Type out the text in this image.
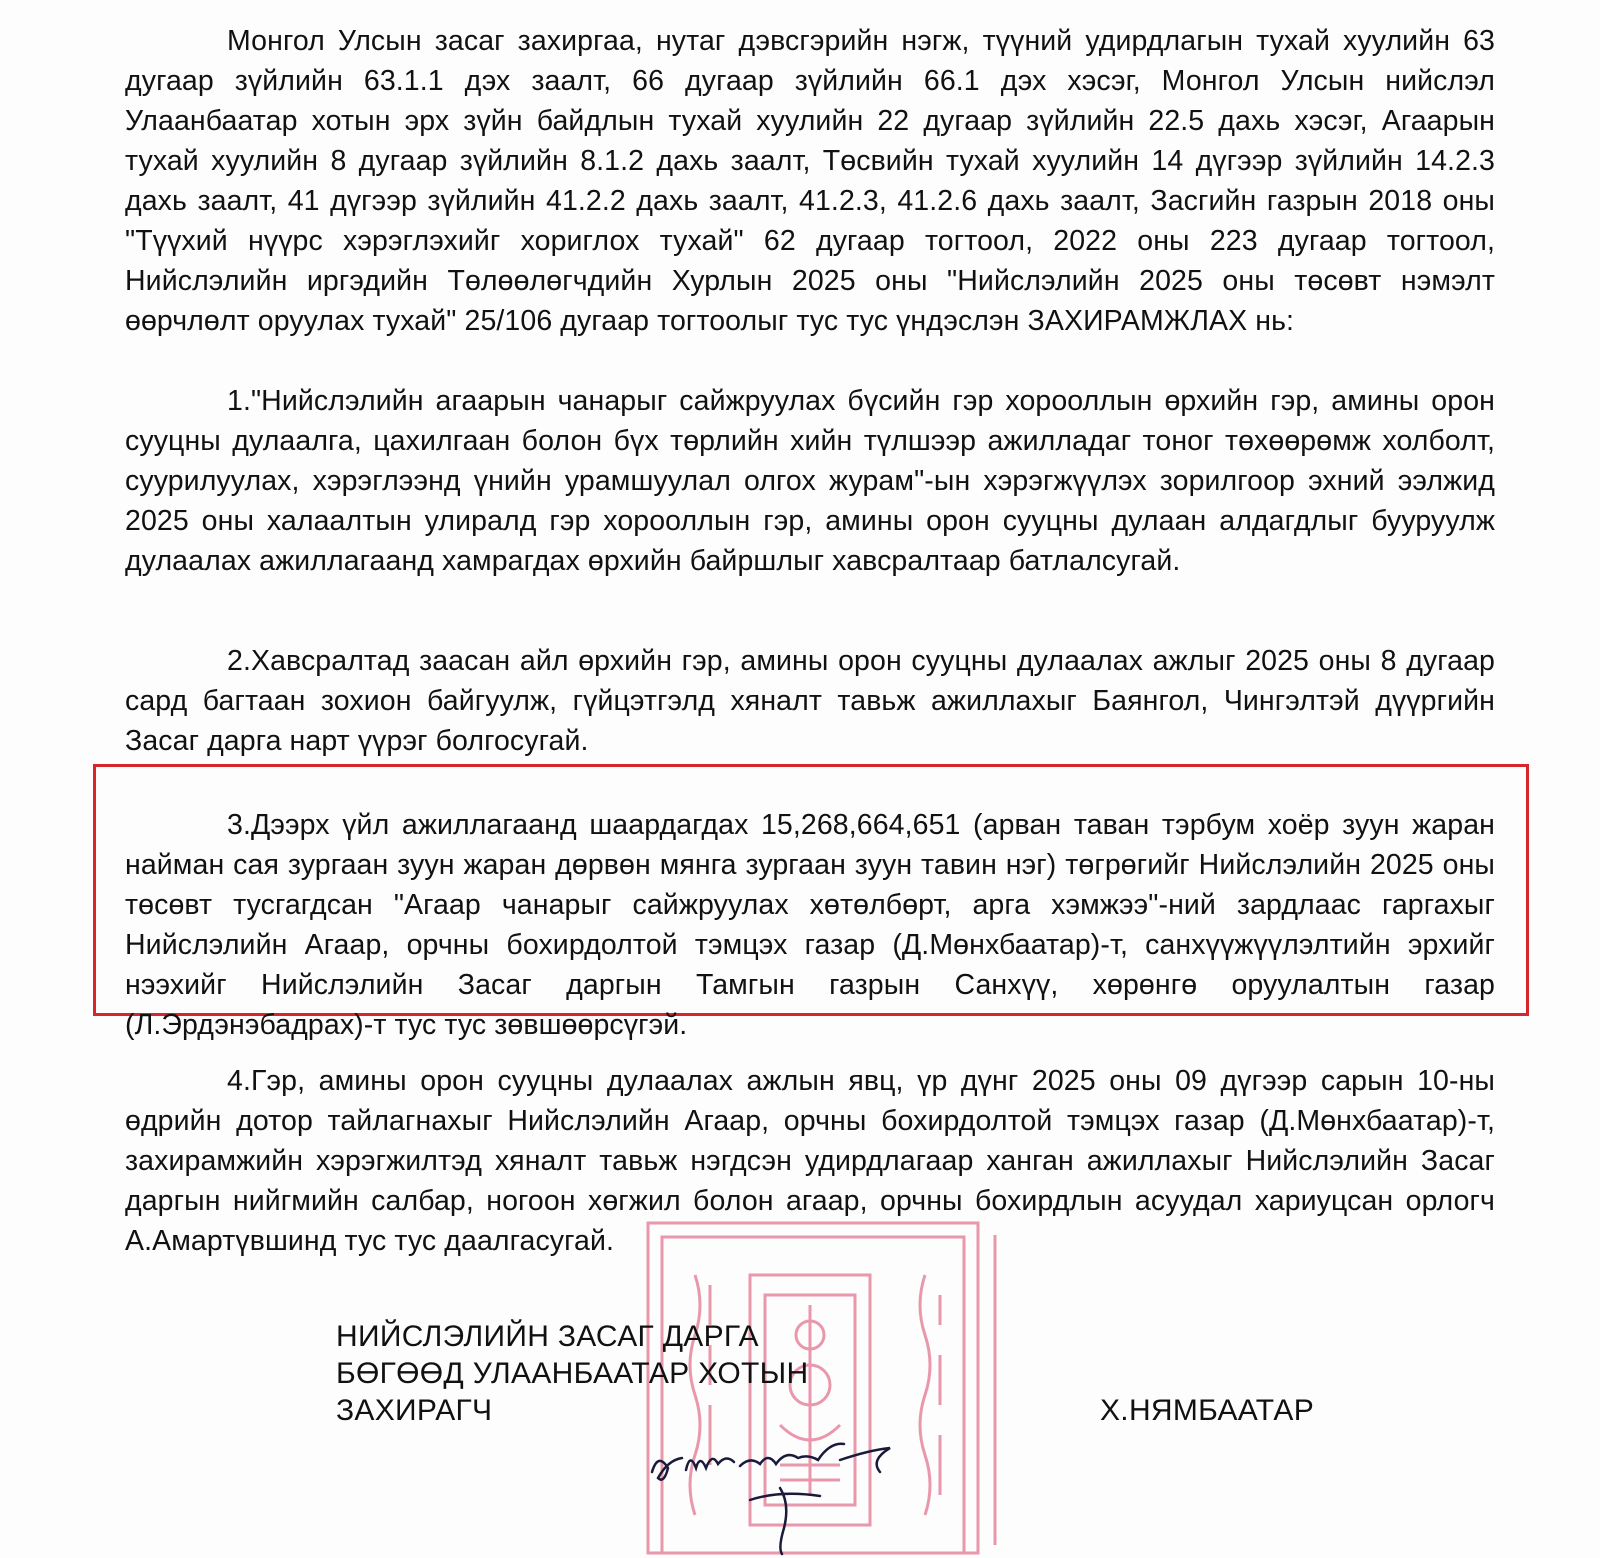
Монгол Улсын засаг захиргаа, нутаг дэвсгэрийн нэгж, түүний удирдлагын тухай хуулийн 63 дугаар зүйлийн 63.1.1 дэх заалт, 66 дугаар зүйлийн 66.1 дэх хэсэг, Монгол Улсын нийслэл Улаанбаатар хотын эрх зүйн байдлын тухай хуулийн 22 дугаар зүйлийн 22.5 дахь хэсэг, Агаарын тухай хуулийн 8 дугаар зүйлийн 8.1.2 дахь заалт, Төсвийн тухай хуулийн 14 дүгээр зүйлийн 14.2.3 дахь заалт, 41 дүгээр зүйлийн 41.2.2 дахь заалт, 41.2.3, 41.2.6 дахь заалт, Засгийн газрын 2018 оны "Түүхий нүүрс хэрэглэхийг хориглох тухай" 62 дугаар тогтоол, 2022 оны 223 дугаар тогтоол, Нийслэлийн иргэдийн Төлөөлөгчдийн Хурлын 2025 оны "Нийслэлийн 2025 оны төсөвт нэмэлт өөрчлөлт оруулах тухай" 25/106 дугаар тогтоолыг тус тус үндэслэн ЗАХИРАМЖЛАХ нь:

1."Нийслэлийн агаарын чанарыг сайжруулах бүсийн гэр хорооллын өрхийн гэр, амины орон сууцны дулаалга, цахилгаан болон бүх төрлийн хийн түлшээр ажилладаг тоног төхөөрөмж холболт, суурилуулах, хэрэглээнд үнийн урамшуулал олгох журам"-ын хэрэгжүүлэх зорилгоор эхний ээлжид 2025 оны халаалтын улиралд гэр хорооллын гэр, амины орон сууцны дулаан алдагдлыг бууруулж дулаалах ажиллагаанд хамрагдах өрхийн байршлыг хавсралтаар батлалсугай.

2.Хавсралтад заасан айл өрхийн гэр, амины орон сууцны дулаалах ажлыг 2025 оны 8 дугаар сард багтаан зохион байгуулж, гүйцэтгэлд хяналт тавьж ажиллахыг Баянгол, Чингэлтэй дүүргийн Засаг дарга нарт үүрэг болгосугай.

3.Дээрх үйл ажиллагаанд шаардагдах 15,268,664,651 (арван таван тэрбум хоёр зуун жаран найман сая зургаан зуун жаран дөрвөн мянга зургаан зуун тавин нэг) төгрөгийг Нийслэлийн 2025 оны төсөвт тусгагдсан "Агаар чанарыг сайжруулах хөтөлбөрт, арга хэмжээ"-ний зардлаас гаргахыг Нийслэлийн Агаар, орчны бохирдолтой тэмцэх газар (Д.Мөнхбаатар)-т, санхүүжүүлэлтийн эрхийг нээхийг Нийслэлийн Засаг даргын Тамгын газрын Санхүү, хөрөнгө оруулалтын газар (Л.Эрдэнэбадрах)-т тус тус зөвшөөрсүгэй.

4.Гэр, амины орон сууцны дулаалах ажлын явц, үр дүнг 2025 оны 09 дүгээр сарын 10-ны өдрийн дотор тайлагнахыг Нийслэлийн Агаар, орчны бохирдолтой тэмцэх газар (Д.Мөнхбаатар)-т, захирамжийн хэрэгжилтэд хяналт тавьж нэгдсэн удирдлагаар ханган ажиллахыг Нийслэлийн Засаг даргын нийгмийн салбар, ногоон хөгжил болон агаар, орчны бохирдлын асуудал хариуцсан орлогч А.Амартүвшинд тус тус даалгасугай.

НИЙСЛЭЛИЙН ЗАСАГ ДАРГА
БӨГӨӨД УЛААНБААТАР ХОТЫН
ЗАХИРАГЧ	Х.НЯМБААТАР
